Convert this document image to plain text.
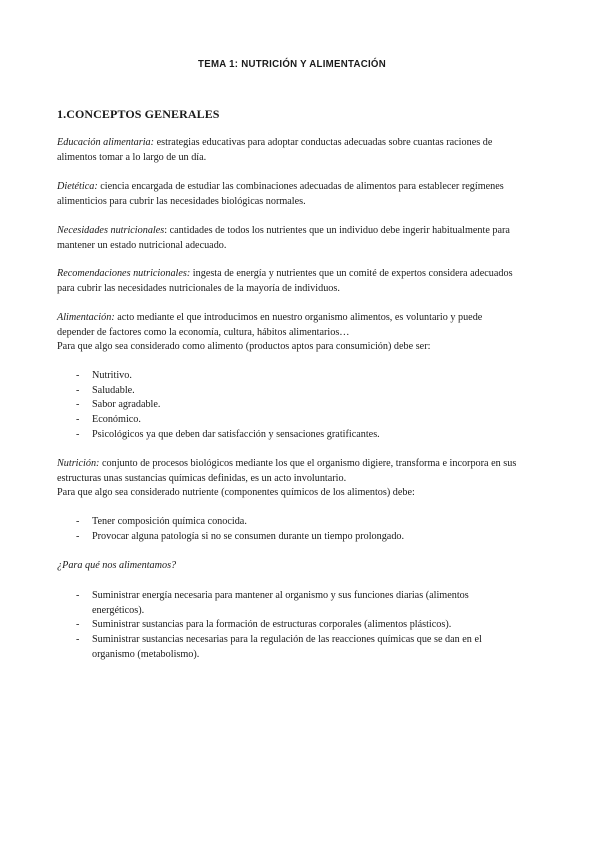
TEMA 1: NUTRICIÓN Y ALIMENTACIÓN
1.CONCEPTOS GENERALES

Educación alimentaria: estrategias educativas para adoptar conductas adecuadas sobre cuantas raciones de alimentos tomar a lo largo de un día.

Dietética: ciencia encargada de estudiar las combinaciones adecuadas de alimentos para establecer regímenes alimenticios para cubrir las necesidades biológicas normales.

Necesidades nutricionales: cantidades de todos los nutrientes que un individuo debe ingerir habitualmente para mantener un estado nutricional adecuado.

Recomendaciones nutricionales: ingesta de energía y nutrientes que un comité de expertos considera adecuados para cubrir las necesidades nutricionales de la mayoría de individuos.

Alimentación: acto mediante el que introducimos en nuestro organismo alimentos, es voluntario y puede depender de factores como la economía, cultura, hábitos alimentarios…
Para que algo sea considerado como alimento (productos aptos para consumición) debe ser:

- Nutritivo.
- Saludable.
- Sabor agradable.
- Económico.
- Psicológicos ya que deben dar satisfacción y sensaciones gratificantes.

Nutrición: conjunto de procesos biológicos mediante los que el organismo digiere, transforma e incorpora en sus estructuras unas sustancias químicas definidas, es un acto involuntario.
Para que algo sea considerado nutriente (componentes químicos de los alimentos) debe:

- Tener composición química conocida.
- Provocar alguna patología si no se consumen durante un tiempo prolongado.
¿Para qué nos alimentamos?
- Suministrar energía necesaria para mantener al organismo y sus funciones diarias (alimentos energéticos).
- Suministrar sustancias para la formación de estructuras corporales (alimentos plásticos).
- Suministrar sustancias necesarias para la regulación de las reacciones químicas que se dan en el organismo (metabolismo).
